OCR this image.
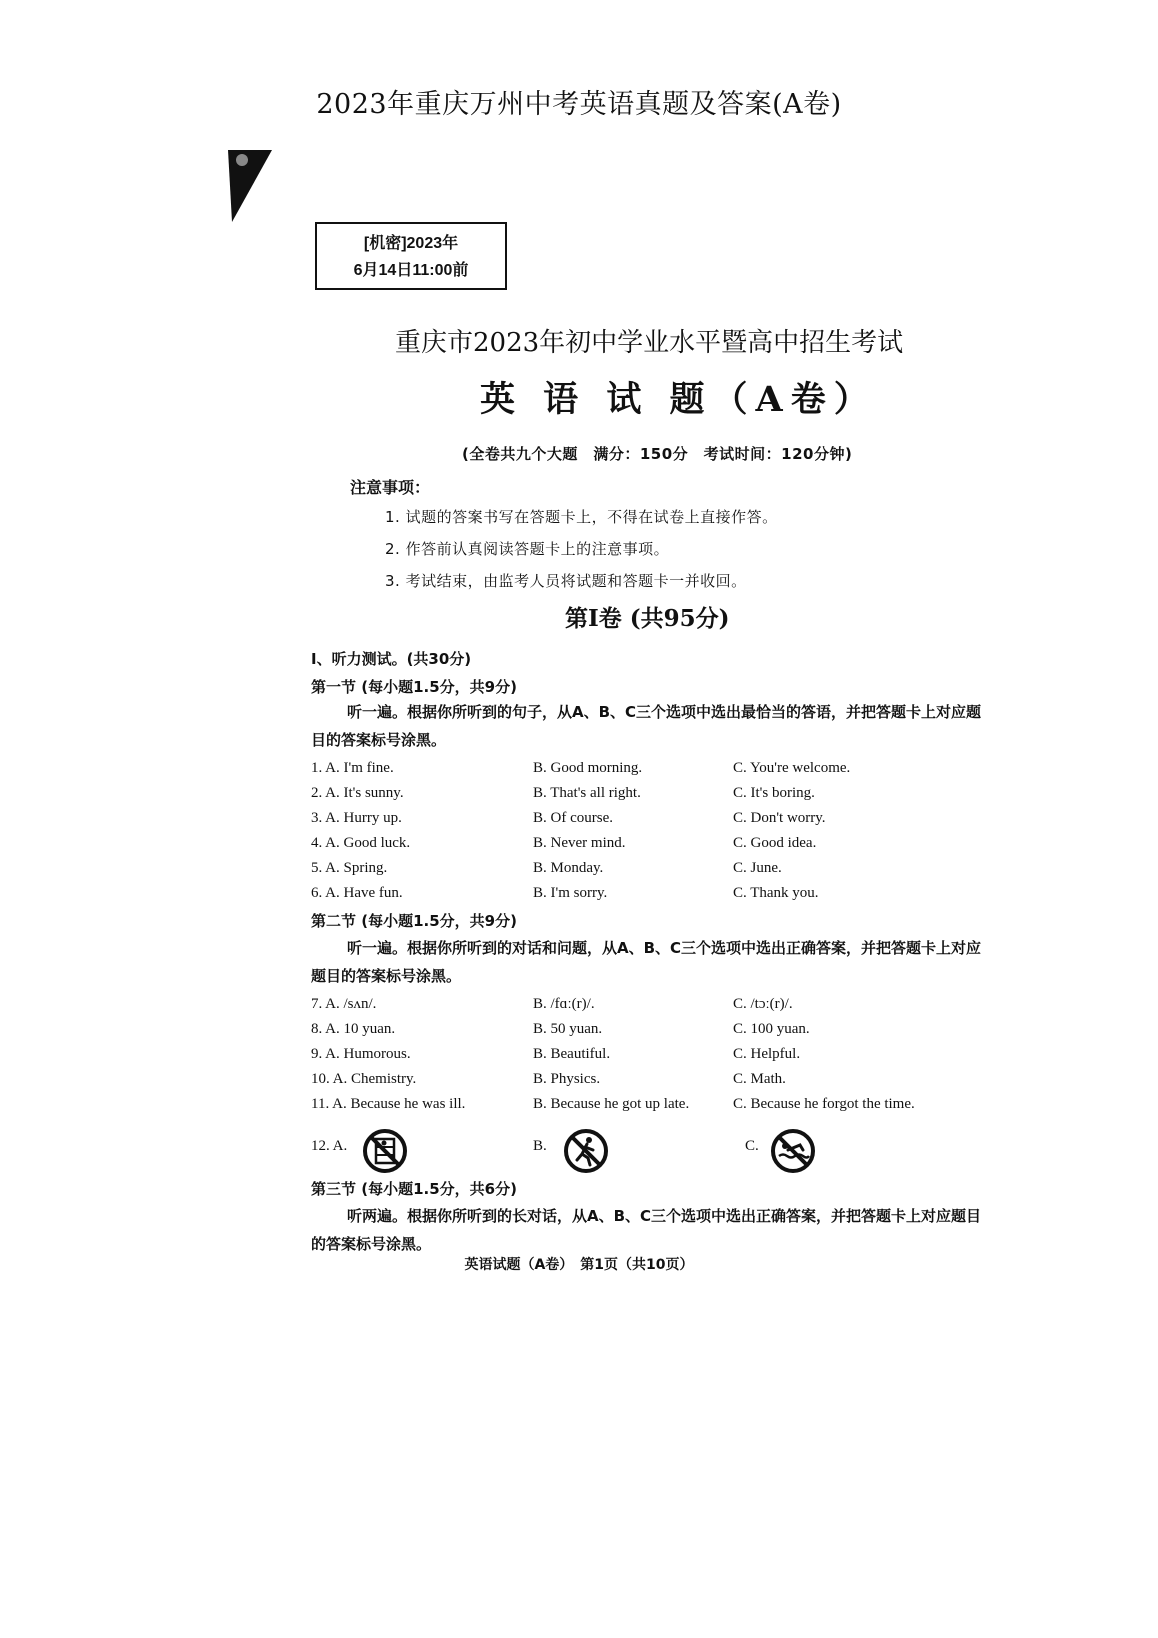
2023年重庆万州中考英语真题及答案(A卷)
[机密]2023年
6月14日11:00前
重庆市2023年初中学业水平暨高中招生考试
英 语 试 题（A卷）
(全卷共九个大题　满分：150分　考试时间：120分钟)
注意事项：
1. 试题的答案书写在答题卡上，不得在试卷上直接作答。
2. 作答前认真阅读答题卡上的注意事项。
3. 考试结束，由监考人员将试题和答题卡一并收回。
第Ⅰ卷 (共95分)
I、听力测试。(共30分)
第一节 (每小题1.5分，共9分)
听一遍。根据你所听到的句子，从A、B、C三个选项中选出最恰当的答语，并把答题卡上对应题目的答案标号涂黑。
1. A. I'm fine.	B. Good morning.	C. You're welcome.
2. A. It's sunny.	B. That's all right.	C. It's boring.
3. A. Hurry up.	B. Of course.	C. Don't worry.
4. A. Good luck.	B. Never mind.	C. Good idea.
5. A. Spring.	B. Monday.	C. June.
6. A. Have fun.	B. I'm sorry.	C. Thank you.
第二节 (每小题1.5分，共9分)
听一遍。根据你所听到的对话和问题，从A、B、C三个选项中选出正确答案，并把答题卡上对应题目的答案标号涂黑。
7. A. /sʌn/.	B. /fɑː(r)/.	C. /tɔː(r)/.
8. A. 10 yuan.	B. 50 yuan.	C. 100 yuan.
9. A. Humorous.	B. Beautiful.	C. Helpful.
10. A. Chemistry.	B. Physics.	C. Math.
11. A. Because he was ill.	B. Because he got up late.	C. Because he forgot the time.
12. A.	B.	C.
第三节 (每小题1.5分，共6分)
听两遍。根据你所听到的长对话，从A、B、C三个选项中选出正确答案，并把答题卡上对应题目的答案标号涂黑。
英语试题（A卷）　第1页（共10页）
